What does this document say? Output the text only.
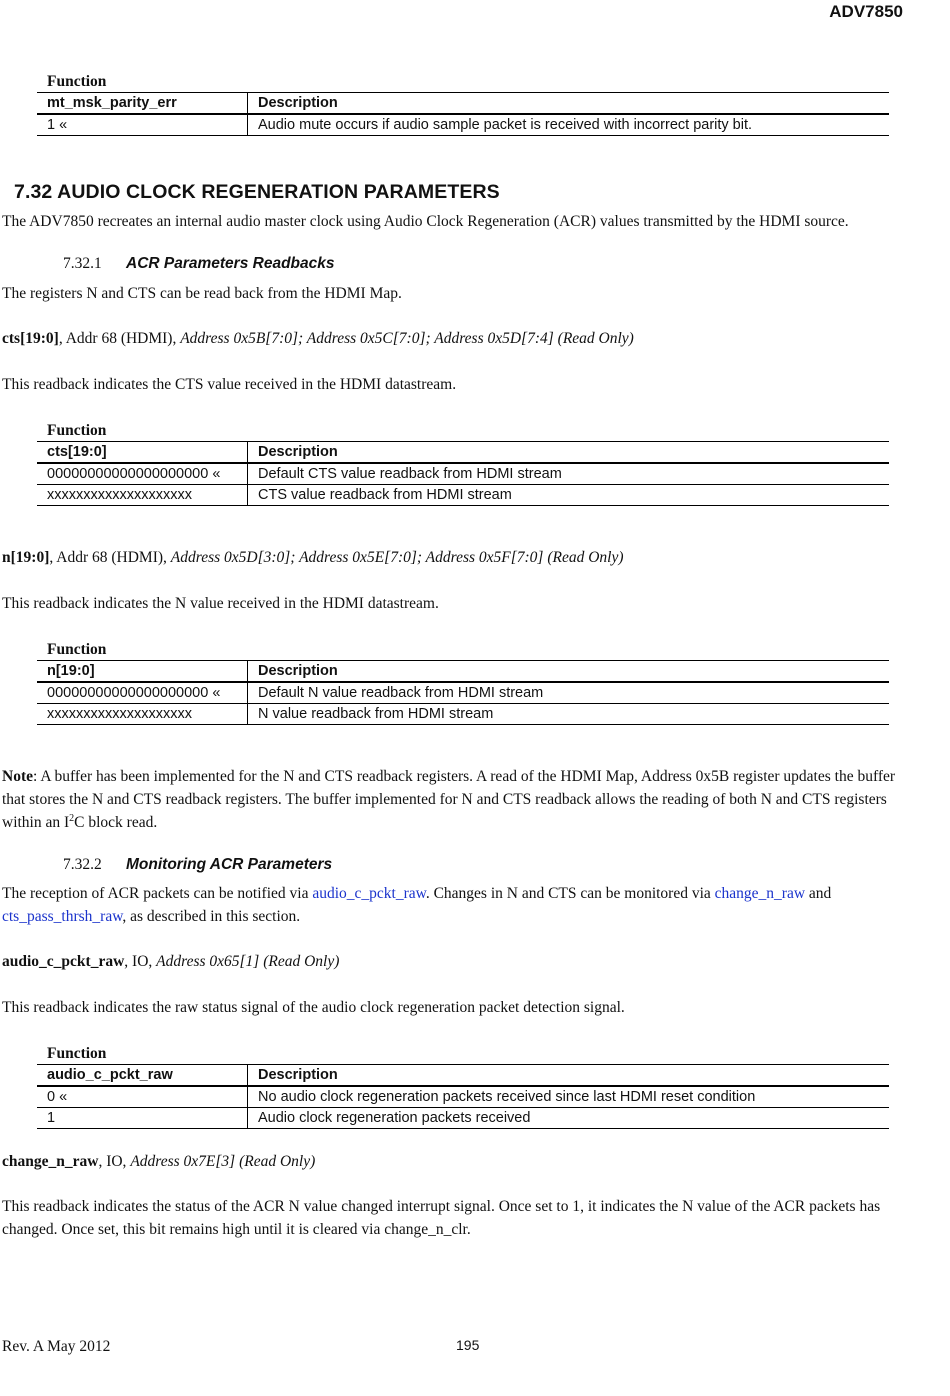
ADV7850
Function
mt_msk_parity_err	Description
1 «	Audio mute occurs if audio sample packet is received with incorrect parity bit.
7.32 AUDIO CLOCK REGENERATION PARAMETERS
The ADV7850 recreates an internal audio master clock using Audio Clock Regeneration (ACR) values transmitted by the HDMI source.
7.32.1 ACR Parameters Readbacks
The registers N and CTS can be read back from the HDMI Map.
cts[19:0], Addr 68 (HDMI), Address 0x5B[7:0]; Address 0x5C[7:0]; Address 0x5D[7:4] (Read Only)
This readback indicates the CTS value received in the HDMI datastream.
Function
cts[19:0]	Description
00000000000000000000 «	Default CTS value readback from HDMI stream
xxxxxxxxxxxxxxxxxxxx	CTS value readback from HDMI stream
n[19:0], Addr 68 (HDMI), Address 0x5D[3:0]; Address 0x5E[7:0]; Address 0x5F[7:0] (Read Only)
This readback indicates the N value received in the HDMI datastream.
Function
n[19:0]	Description
00000000000000000000 «	Default N value readback from HDMI stream
xxxxxxxxxxxxxxxxxxxx	N value readback from HDMI stream
Note: A buffer has been implemented for the N and CTS readback registers. A read of the HDMI Map, Address 0x5B register updates the buffer that stores the N and CTS readback registers. The buffer implemented for N and CTS readback allows the reading of both N and CTS registers within an $I^2C$ block read.
7.32.2 Monitoring ACR Parameters
The reception of ACR packets can be notified via audio_c_pckt_raw. Changes in N and CTS can be monitored via change_n_raw and cts_pass_thrsh_raw, as described in this section.
audio_c_pckt_raw, IO, Address 0x65[1] (Read Only)
This readback indicates the raw status signal of the audio clock regeneration packet detection signal.
Function
audio_c_pckt_raw	Description
0 «	No audio clock regeneration packets received since last HDMI reset condition
1	Audio clock regeneration packets received
change_n_raw, IO, Address 0x7E[3] (Read Only)
This readback indicates the status of the ACR N value changed interrupt signal. Once set to 1, it indicates the N value of the ACR packets has changed. Once set, this bit remains high until it is cleared via change_n_clr.
Rev. A May 2012	195
